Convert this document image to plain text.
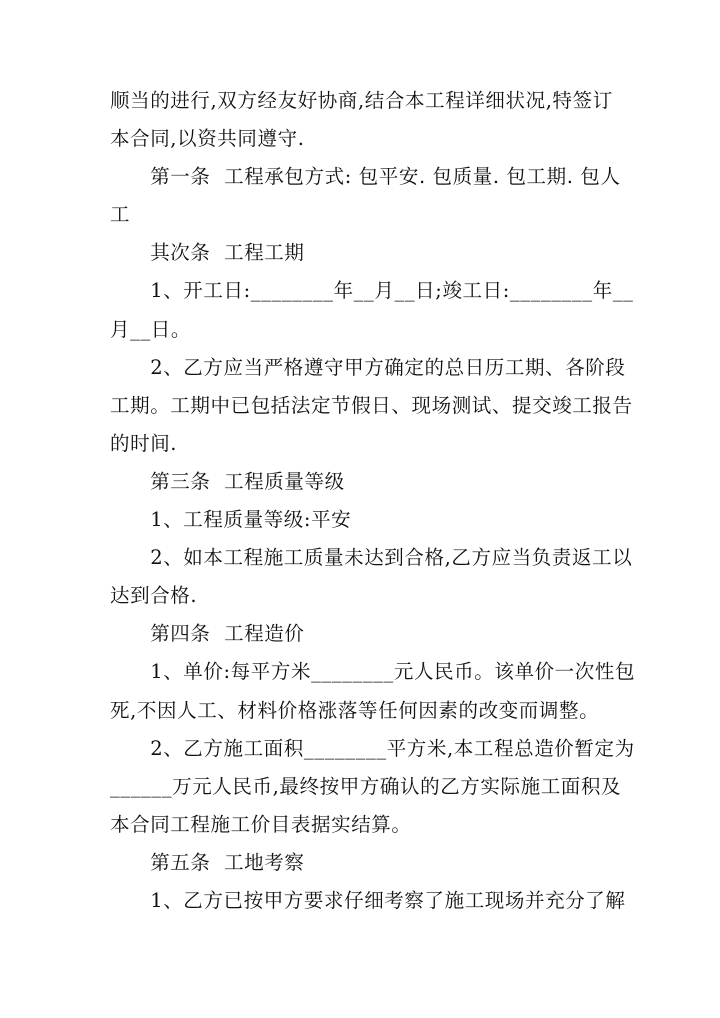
顺当的进行,双方经友好协商,结合本工程详细状况,特签订
本合同,以资共同遵守.
　　第一条  工程承包方式: 包平安. 包质量. 包工期. 包人
工
　　其次条  工程工期
　　1、开工日:________年__月__日;竣工日:________年__
月__日。
　　2、乙方应当严格遵守甲方确定的总日历工期、各阶段
工期。工期中已包括法定节假日、现场测试、提交竣工报告
的时间.
　　第三条  工程质量等级
　　1、工程质量等级:平安
　　2、如本工程施工质量未达到合格,乙方应当负责返工以
达到合格.
　　第四条  工程造价
　　1、单价:每平方米________元人民币。该单价一次性包
死,不因人工、材料价格涨落等任何因素的改变而调整。
　　2、乙方施工面积________平方米,本工程总造价暂定为
______万元人民币,最终按甲方确认的乙方实际施工面积及
本合同工程施工价目表据实结算。
　　第五条  工地考察
　　1、乙方已按甲方要求仔细考察了施工现场并充分了解
